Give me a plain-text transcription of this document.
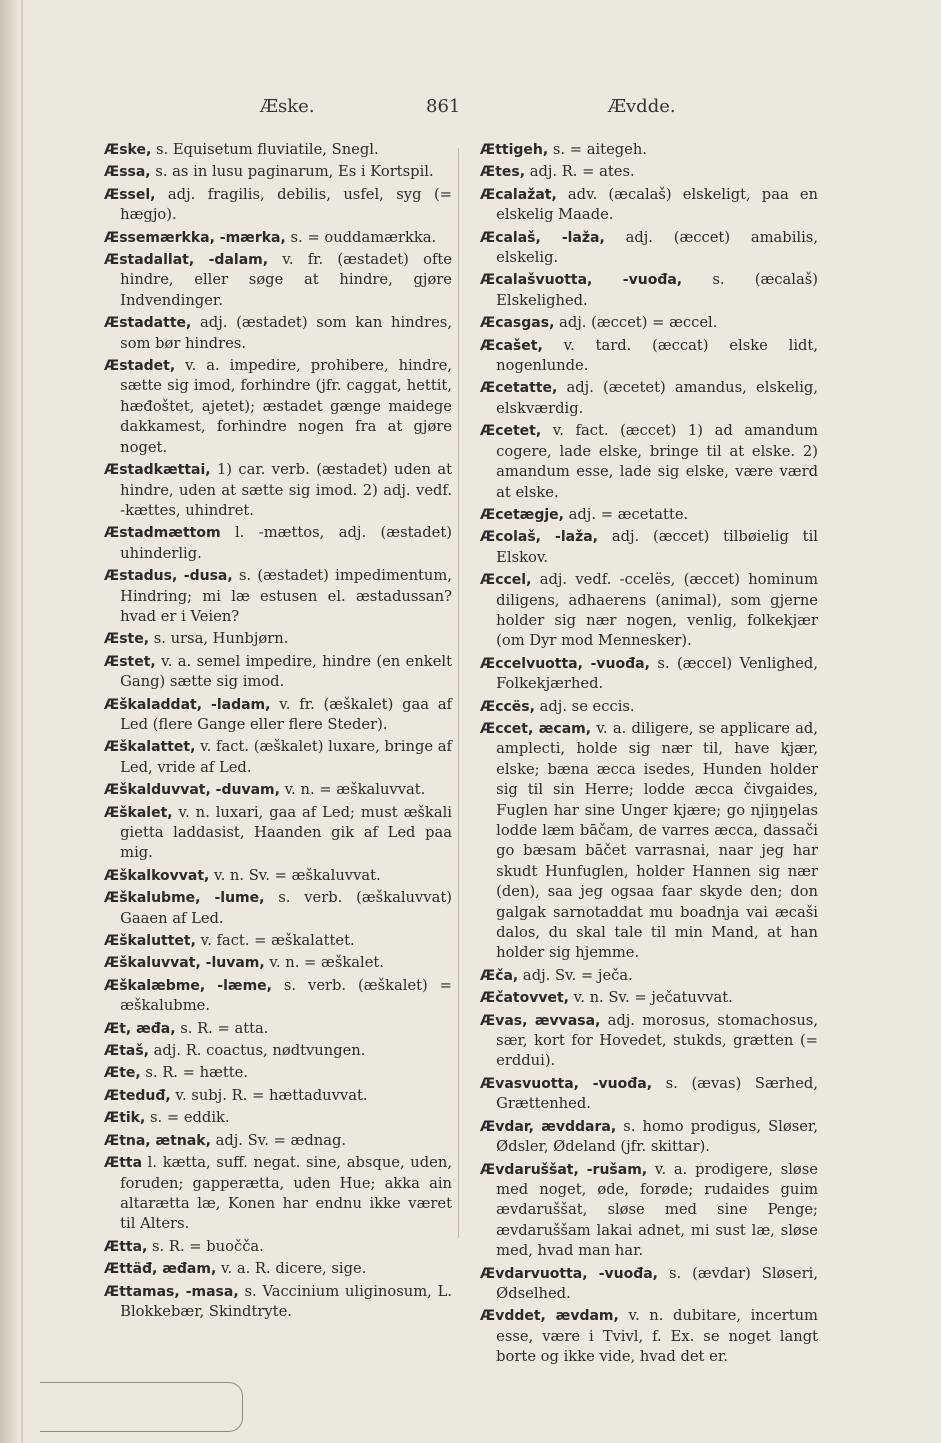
Æske.	861	Ævdde.

Æske, s. Equisetum fluviatile, Snegl.

Æssa, s. as in lusu paginarum, Es i Kortspil.

Æssel, adj. fragilis, debilis, usfel, syg (= hægjo).

Æssemærkka, -mærka, s. = ouddamærkka.

Æstadallat, -dalam, v. fr. (æstadet) ofte hindre, eller søge at hindre, gjøre Indvendinger.

Æstadatte, adj. (æstadet) som kan hindres, som bør hindres.

Æstadet, v. a. impedire, prohibere, hindre, sætte sig imod, forhindre (jfr. caggat, hettit, hæđoštet, ajetet); æstadet gænge maidege dakkamest, forhindre nogen fra at gjøre noget.

Æstadkættai, 1) car. verb. (æstadet) uden at hindre, uden at sætte sig imod. 2) adj. vedf. -kættes, uhindret.

Æstadmættom l. -mættos, adj. (æstadet) uhinderlig.

Æstadus, -dusa, s. (æstadet) impedimentum, Hindring; mi læ estusen el. æstadussan? hvad er i Veien?

Æste, s. ursa, Hunbjørn.

Æstet, v. a. semel impedire, hindre (en enkelt Gang) sætte sig imod.

Æškaladdat, -ladam, v. fr. (æškalet) gaa af Led (flere Gange eller flere Steder).

Æškalattet, v. fact. (æškalet) luxare, bringe af Led, vride af Led.

Æškalduvvat, -duvam, v. n. = æškaluvvat.

Æškalet, v. n. luxari, gaa af Led; must æškali gietta laddasist, Haanden gik af Led paa mig.

Æškalkovvat, v. n. Sv. = æškaluvvat.

Æškalubme, -lume, s. verb. (æškaluvvat) Gaaen af Led.

Æškaluttet, v. fact. = æškalattet.

Æškaluvvat, -luvam, v. n. = æškalet.

Æškalæbme, -læme, s. verb. (æškalet) = æškalubme.

Æt, æđa, s. R. = atta.

Ætaš, adj. R. coactus, nødtvungen.

Æte, s. R. = hætte.

Æteduđ, v. subj. R. = hættaduvvat.

Ætik, s. = eddik.

Ætna, ætnak, adj. Sv. = ædnag.

Ætta l. kætta, suff. negat. sine, absque, uden, foruden; gapperætta, uden Hue; akka ain altarætta læ, Konen har endnu ikke været til Alters.

Ætta, s. R. = buočča.

Ættäđ, æđam, v. a. R. dicere, sige.

Ættamas, -masa, s. Vaccinium uliginosum, L. Blokkebær, Skindtryte.

Ættigeh, s. = aitegeh.

Ætes, adj. R. = ates.

Æcalažat, adv. (æcalaš) elskeligt, paa en elskelig Maade.

Æcalaš, -laža, adj. (æccet) amabilis, elskelig.

Æcalašvuotta, -vuođa, s. (æcalaš) Elskelighed.

Æcasgas, adj. (æccet) = æccel.

Æcašet, v. tard. (æccat) elske lidt, nogenlunde.

Æcetatte, adj. (æcetet) amandus, elskelig, elskværdig.

Æcetet, v. fact. (æccet) 1) ad amandum cogere, lade elske, bringe til at elske. 2) amandum esse, lade sig elske, være værd at elske.

Æcetægje, adj. = æcetatte.

Æcolaš, -laža, adj. (æccet) tilbøielig til Elskov.

Æccel, adj. vedf. -ccelës, (æccet) hominum diligens, adhaerens (animal), som gjerne holder sig nær nogen, venlig, folkekjær (om Dyr mod Mennesker).

Æccelvuotta, -vuođa, s. (æccel) Venlighed, Folkekjærhed.

Æccës, adj. se eccis.

Æccet, æcam, v. a. diligere, se applicare ad, amplecti, holde sig nær til, have kjær, elske; bæna æcca isedes, Hunden holder sig til sin Herre; lodde æcca čivgaides, Fuglen har sine Unger kjære; go njiŋŋelas lodde læm bāčam, de varres æcca, dassači go bæsam bāčet varrasnai, naar jeg har skudt Hunfuglen, holder Hannen sig nær (den), saa jeg ogsaa faar skyde den; don galgak sarnotaddat mu boadnja vai æcaši dalos, du skal tale til min Mand, at han holder sig hjemme.

Æča, adj. Sv. = ječa.

Æčatovvet, v. n. Sv. = ječatuvvat.

Ævas, ævvasa, adj. morosus, stomachosus, sær, kort for Hovedet, stukds, grætten (= erddui).

Ævasvuotta, -vuođa, s. (ævas) Særhed, Grættenhed.

Ævdar, ævddara, s. homo prodigus, Sløser, Ødsler, Ødeland (jfr. skittar).

Ævdaruššat, -rušam, v. a. prodigere, sløse med noget, øde, forøde; rudaides guim ævdaruššat, sløse med sine Penge; ævdaruššam lakai adnet, mi sust læ, sløse med, hvad man har.

Ævdarvuotta, -vuođa, s. (ævdar) Sløseri, Ødselhed.

Ævddet, ævdam, v. n. dubitare, incertum esse, være i Tvivl, f. Ex. se noget langt borte og ikke vide, hvad det er.
